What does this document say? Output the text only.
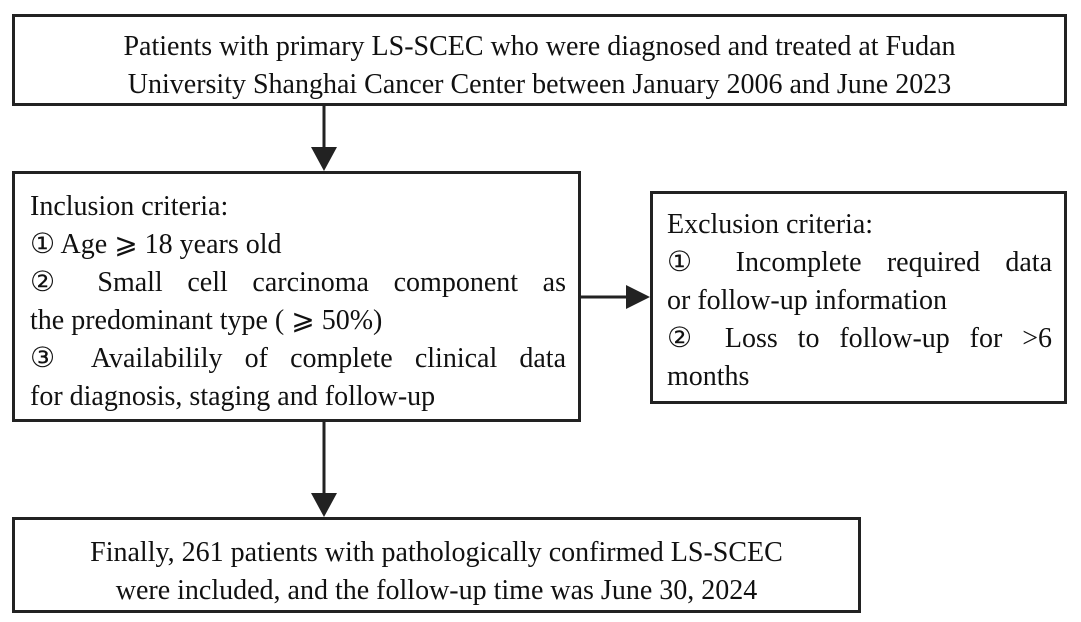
Patients with primary LS-SCEC who were diagnosed and treated at Fudan
University Shanghai Cancer Center between January 2006 and June 2023
Inclusion criteria:
① Age ⩾ 18 years old
② Small cell carcinoma component as
the predominant type ( ⩾ 50%)
③ Availabilily of complete clinical data
for diagnosis, staging and follow-up
Exclusion criteria:
① Incomplete required data
or follow-up information
② Loss to follow-up for >6
months
Finally, 261 patients with pathologically confirmed LS-SCEC
were included, and the follow-up time was June 30, 2024
